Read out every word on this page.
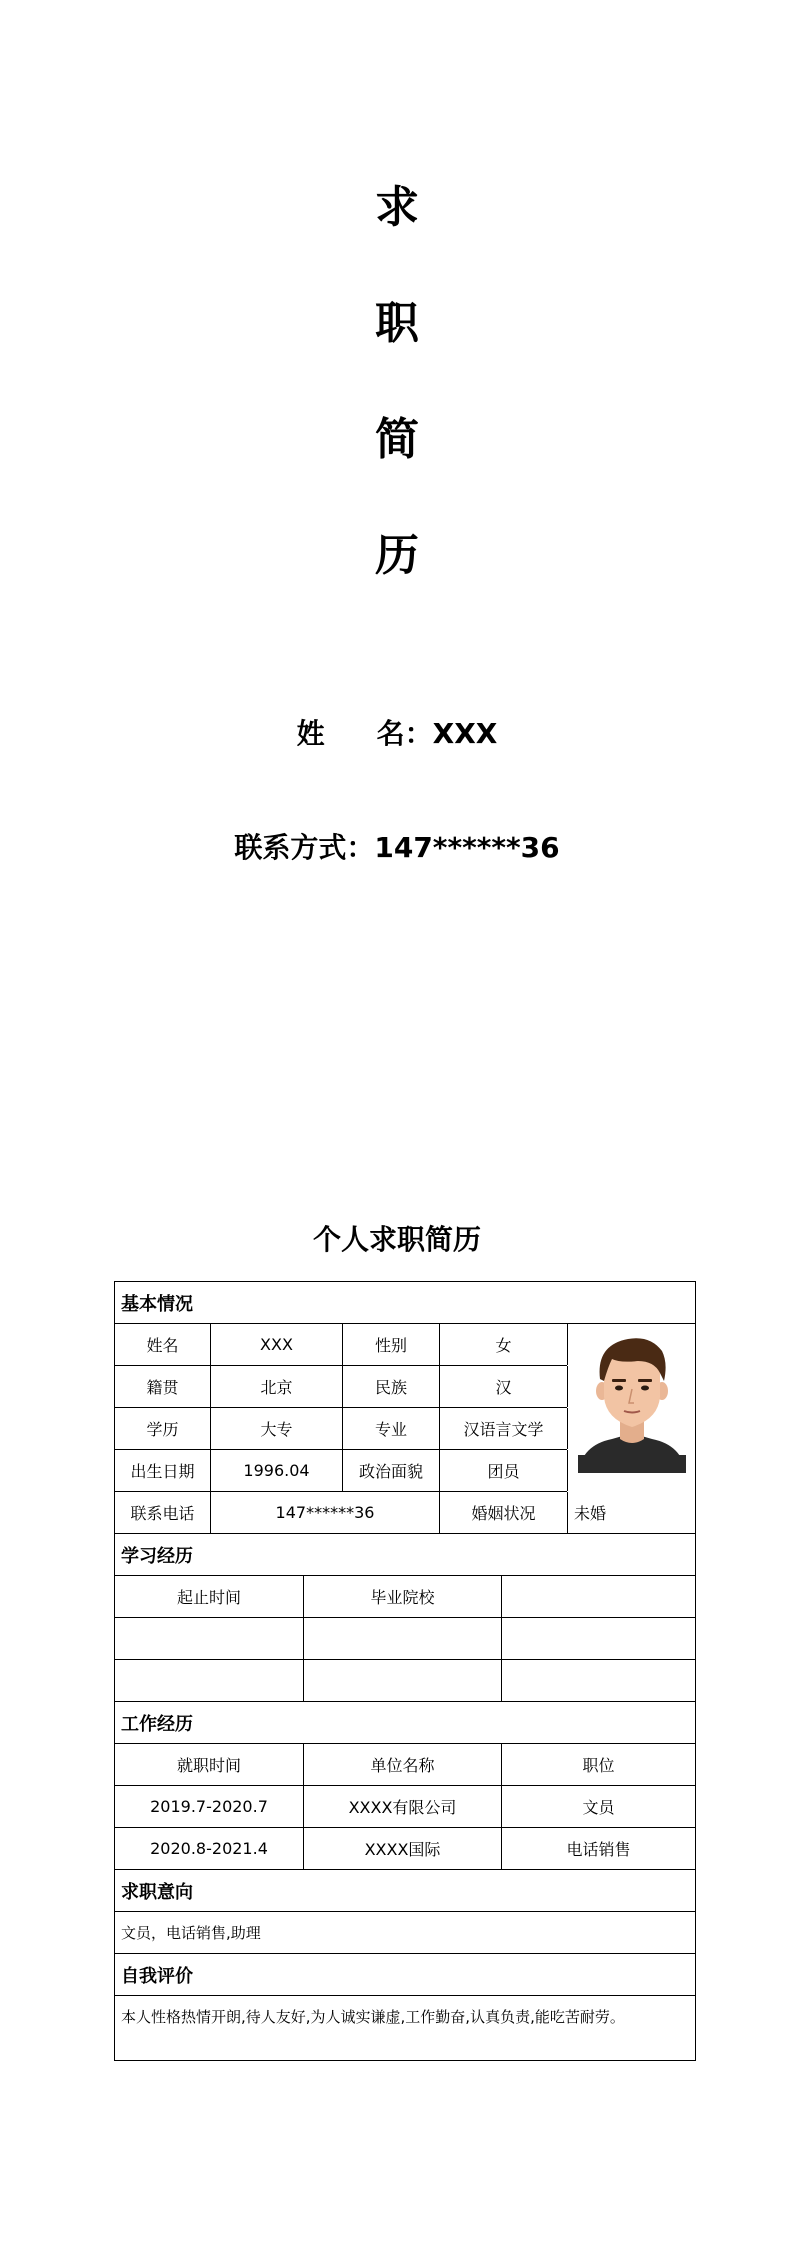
求
职
简
历
姓 名：XXX
联系方式：147******36
个人求职简历
基本情况
姓名	XXX	性别	女
籍贯	北京	民族	汉
学历	大专	专业	汉语言文学
出生日期	1996.04	政治面貌	团员
联系电话	147******36	婚姻状况	未婚
学习经历
起止时间	毕业院校
工作经历
就职时间	单位名称	职位
2019.7-2020.7	XXXX有限公司	文员
2020.8-2021.4	XXXX国际	电话销售
求职意向
文员，电话销售,助理
自我评价
本人性格热情开朗,待人友好,为人诚实谦虚,工作勤奋,认真负责,能吃苦耐劳。
